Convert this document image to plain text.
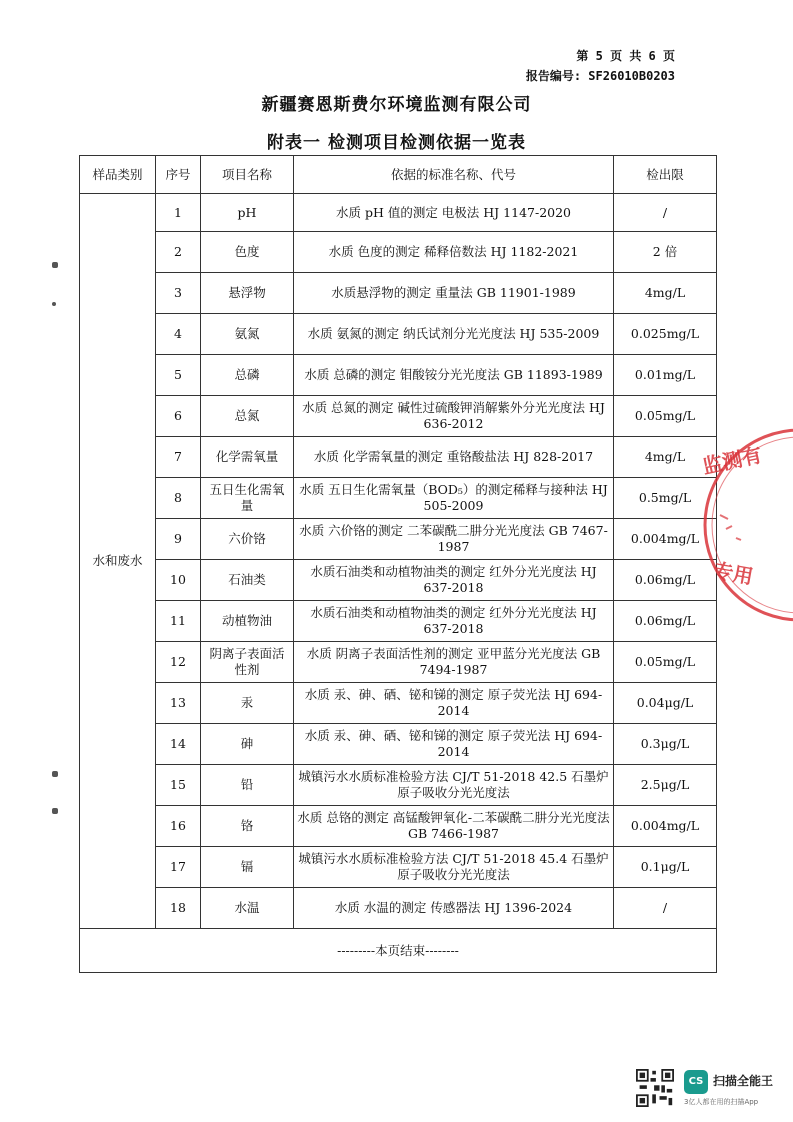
第 5 页 共 6 页
报告编号: SF26010B0203
新疆赛恩斯费尔环境监测有限公司
附表一 检测项目检测依据一览表
样品类别	序号	项目名称	依据的标准名称、代号	检出限
水和废水	1	pH	水质 pH 值的测定 电极法 HJ 1147-2020	/
	2	色度	水质 色度的测定 稀释倍数法 HJ 1182-2021	2 倍
	3	悬浮物	水质悬浮物的测定 重量法 GB 11901-1989	4mg/L
	4	氨氮	水质 氨氮的测定 纳氏试剂分光光度法 HJ 535-2009	0.025mg/L
	5	总磷	水质 总磷的测定 钼酸铵分光光度法 GB 11893-1989	0.01mg/L
	6	总氮	水质 总氮的测定 碱性过硫酸钾消解紫外分光光度法 HJ 636-2012	0.05mg/L
	7	化学需氧量	水质 化学需氧量的测定 重铬酸盐法 HJ 828-2017	4mg/L
	8	五日生化需氧量	水质 五日生化需氧量（BOD₅）的测定稀释与接种法 HJ 505-2009	0.5mg/L
	9	六价铬	水质 六价铬的测定 二苯碳酰二肼分光光度法 GB 7467-1987	0.004mg/L
	10	石油类	水质石油类和动植物油类的测定 红外分光光度法 HJ 637-2018	0.06mg/L
	11	动植物油	水质石油类和动植物油类的测定 红外分光光度法 HJ 637-2018	0.06mg/L
	12	阴离子表面活性剂	水质 阴离子表面活性剂的测定 亚甲蓝分光光度法 GB 7494-1987	0.05mg/L
	13	汞	水质 汞、砷、硒、铋和锑的测定 原子荧光法 HJ 694-2014	0.04μg/L
	14	砷	水质 汞、砷、硒、铋和锑的测定 原子荧光法 HJ 694-2014	0.3μg/L
	15	铅	城镇污水水质标准检验方法 CJ/T 51-2018 42.5 石墨炉原子吸收分光光度法	2.5μg/L
	16	铬	水质 总铬的测定 高锰酸钾氧化-二苯碳酰二肼分光光度法 GB 7466-1987	0.004mg/L
	17	镉	城镇污水水质标准检验方法 CJ/T 51-2018 45.4 石墨炉原子吸收分光光度法	0.1μg/L
	18	水温	水质 水温的测定 传感器法 HJ 1396-2024	/
---------本页结束--------				
监测有
专用
CS 扫描全能王
3亿人都在用的扫描App
